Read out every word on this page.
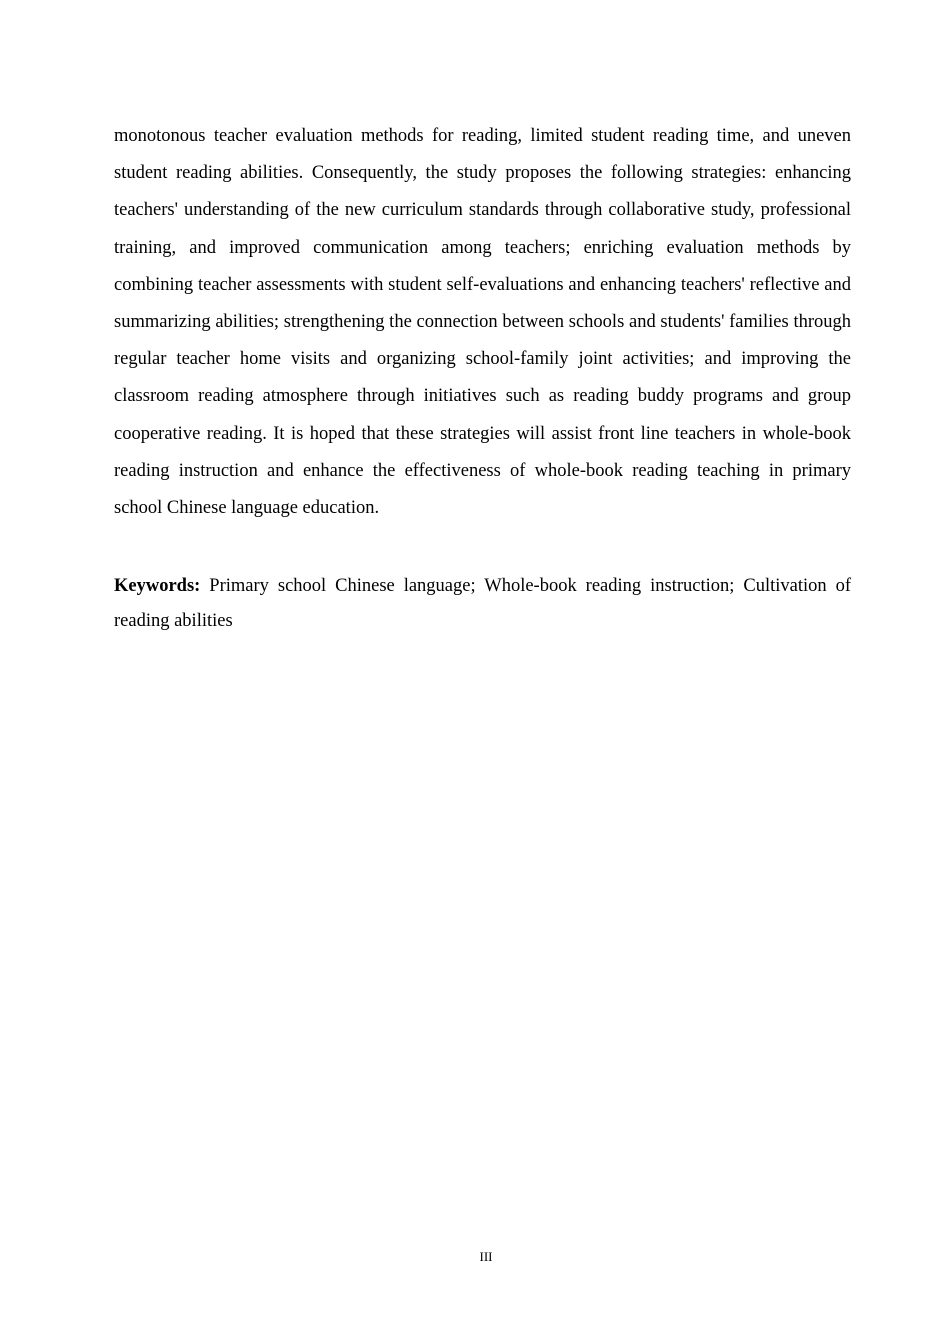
monotonous teacher evaluation methods for reading, limited student reading time, and uneven student reading abilities. Consequently, the study proposes the following strategies: enhancing teachers' understanding of the new curriculum standards through collaborative study, professional training, and improved communication among teachers; enriching evaluation methods by combining teacher assessments with student self-evaluations and enhancing teachers' reflective and summarizing abilities; strengthening the connection between schools and students' families through regular teacher home visits and organizing school-family joint activities; and improving the classroom reading atmosphere through initiatives such as reading buddy programs and group cooperative reading. It is hoped that these strategies will assist front line teachers in whole-book reading instruction and enhance the effectiveness of whole-book reading teaching in primary school Chinese language education.

Keywords: Primary school Chinese language; Whole-book reading instruction; Cultivation of reading abilities

III
